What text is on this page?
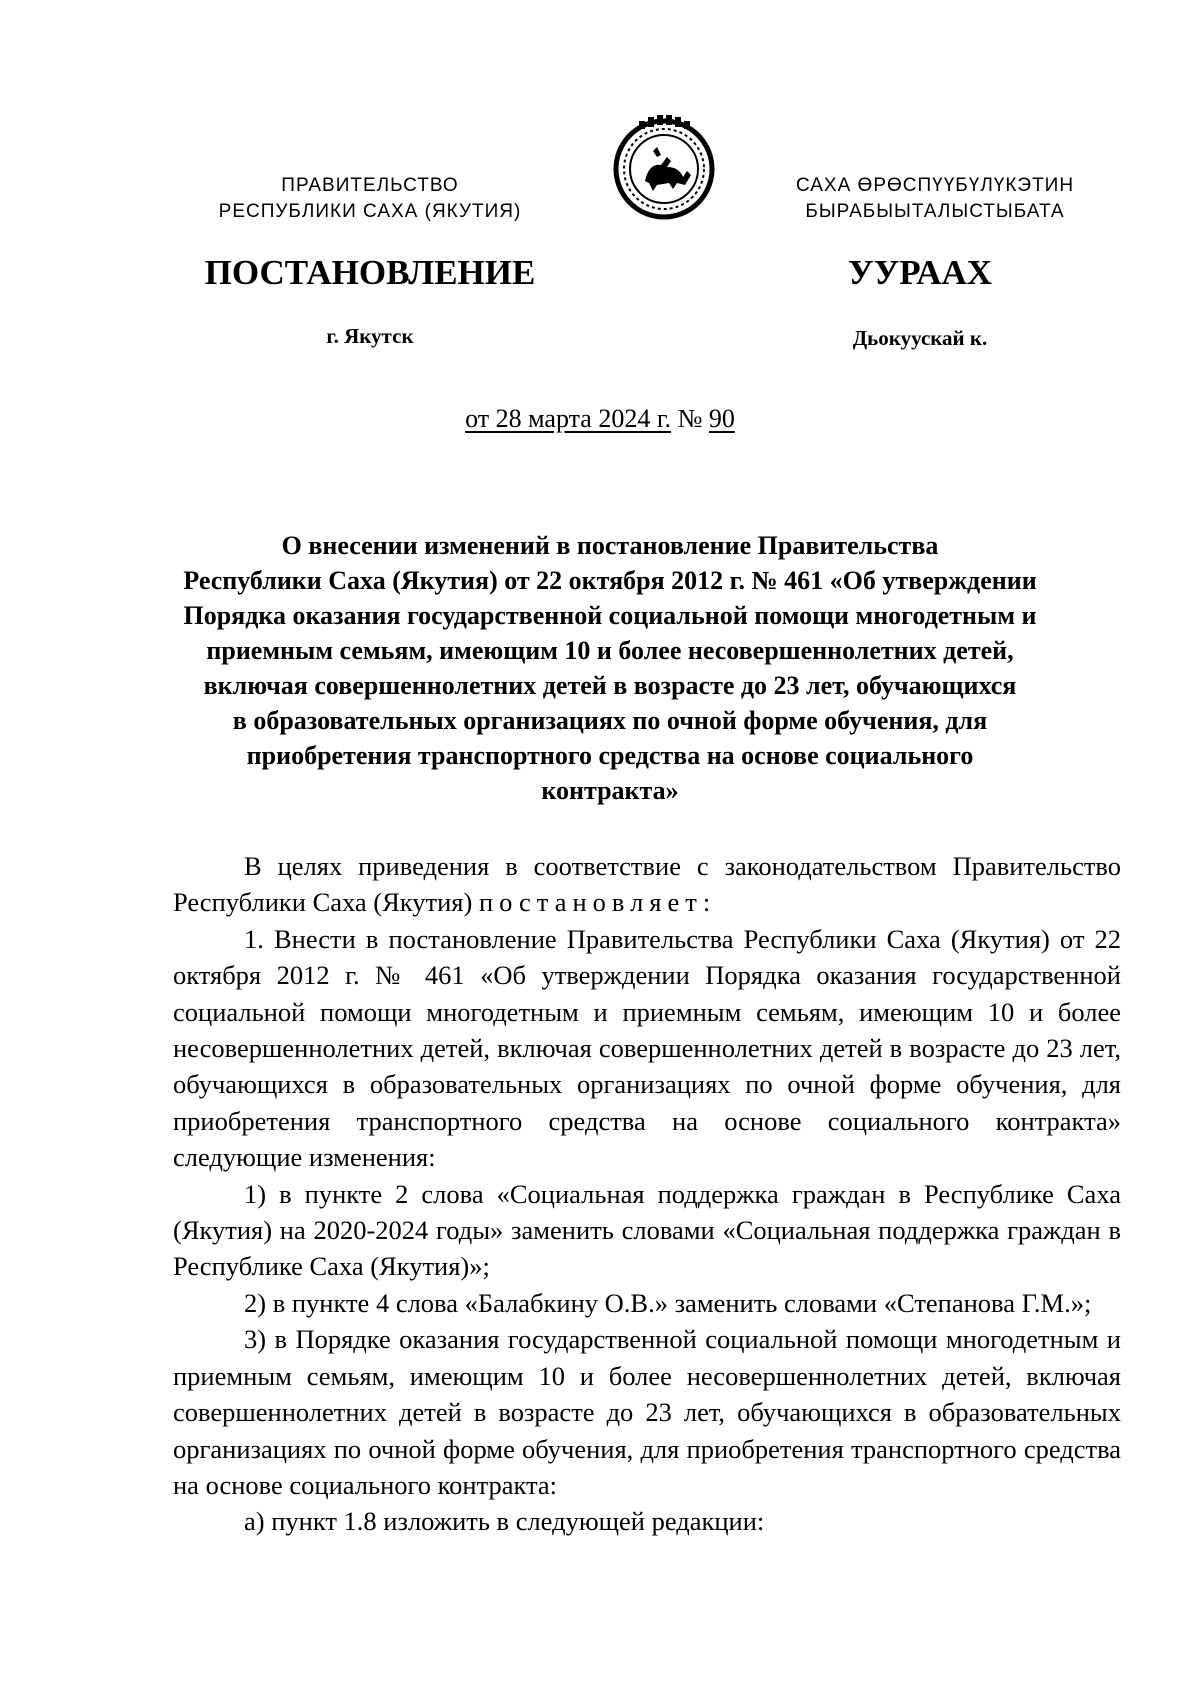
ПРАВИТЕЛЬСТВО
РЕСПУБЛИКИ САХА (ЯКУТИЯ)
САХА ӨРӨСПҮҮБҮЛҮКЭТИН
БЫРАБЫЫТАЛЫСТЫБАТА
ПОСТАНОВЛЕНИЕ	УУРААХ
г. Якутск	Дьокуускай к.
от 28 марта 2024 г. № 90
О внесении изменений в постановление Правительства
Республики Саха (Якутия) от 22 октября 2012 г. № 461 «Об утверждении
Порядка оказания государственной социальной помощи многодетным и
приемным семьям, имеющим 10 и более несовершеннолетних детей,
включая совершеннолетних детей в возрасте до 23 лет, обучающихся
в образовательных организациях по очной форме обучения, для
приобретения транспортного средства на основе социального
контракта»

В целях приведения в соответствие с законодательством Правительство Республики Саха (Якутия) постановляет:

1. Внести в постановление Правительства Республики Саха (Якутия) от 22 октября 2012 г. № 461 «Об утверждении Порядка оказания государственной социальной помощи многодетным и приемным семьям, имеющим 10 и более несовершеннолетних детей, включая совершеннолетних детей в возрасте до 23 лет, обучающихся в образовательных организациях по очной форме обучения, для приобретения транспортного средства на основе социального контракта» следующие изменения:

1) в пункте 2 слова «Социальная поддержка граждан в Республике Саха (Якутия) на 2020-2024 годы» заменить словами «Социальная поддержка граждан в Республике Саха (Якутия)»;

2) в пункте 4 слова «Балабкину О.В.» заменить словами «Степанова Г.М.»;

3) в Порядке оказания государственной социальной помощи многодетным и приемным семьям, имеющим 10 и более несовершеннолетних детей, включая совершеннолетних детей в возрасте до 23 лет, обучающихся в образовательных организациях по очной форме обучения, для приобретения транспортного средства на основе социального контракта:

а) пункт 1.8 изложить в следующей редакции:
